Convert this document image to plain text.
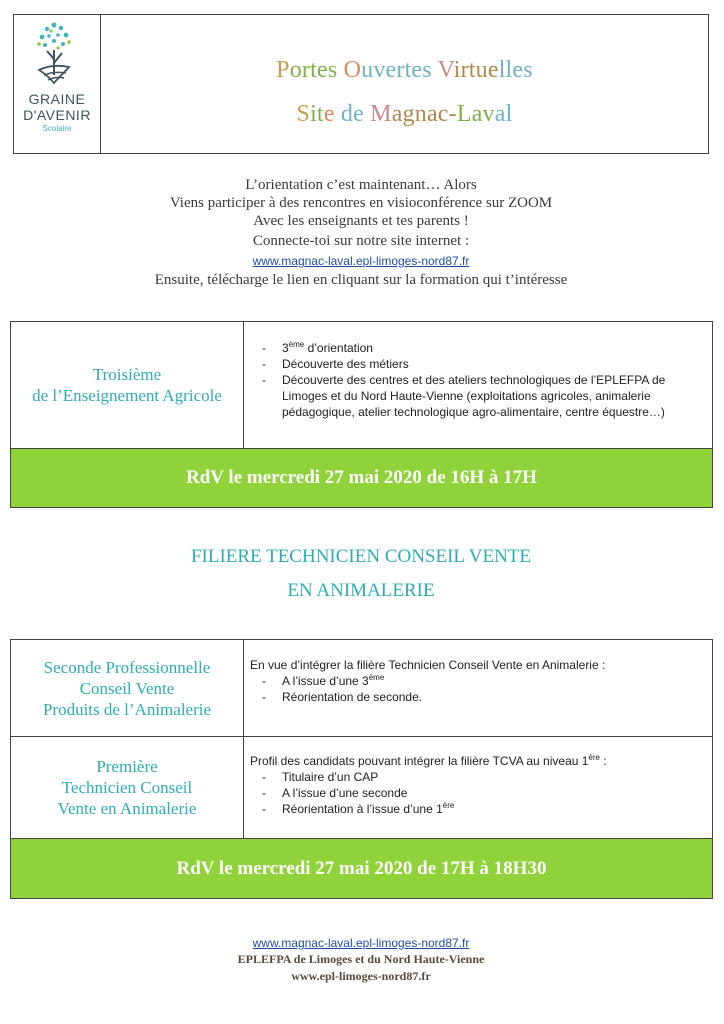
GRAINE
D'AVENIR
Scolaire
Portes Ouvertes Virtuelles
Site de Magnac-Laval
L’orientation c’est maintenant… Alors
Viens participer à des rencontres en visioconférence sur ZOOM
Avec les enseignants et tes parents !
Connecte-toi sur notre site internet :
www.magnac-laval.epl-limoges-nord87.fr
Ensuite, télécharge le lien en cliquant sur la formation qui t’intéresse
Troisième
de l’Enseignement Agricole
- 3ème d’orientation
- Découverte des métiers
- Découverte des centres et des ateliers technologiques de l’EPLEFPA de Limoges et du Nord Haute-Vienne (exploitations agricoles, animalerie pédagogique, atelier technologique agro-alimentaire, centre équestre…)
RdV le mercredi 27 mai 2020 de 16H à 17H
FILIERE TECHNICIEN CONSEIL VENTE
EN ANIMALERIE
Seconde Professionnelle
Conseil Vente
Produits de l’Animalerie
En vue d’intégrer la filière Technicien Conseil Vente en Animalerie :
- A l’issue d’une 3ème
- Réorientation de seconde.
Première
Technicien Conseil
Vente en Animalerie
Profil des candidats pouvant intégrer la filière TCVA au niveau 1ère :
- Titulaire d’un CAP
- A l’issue d’une seconde
- Réorientation à l’issue d’une 1ère
RdV le mercredi 27 mai 2020 de 17H à 18H30
www.magnac-laval.epl-limoges-nord87.fr
EPLEFPA de Limoges et du Nord Haute-Vienne
www.epl-limoges-nord87.fr
